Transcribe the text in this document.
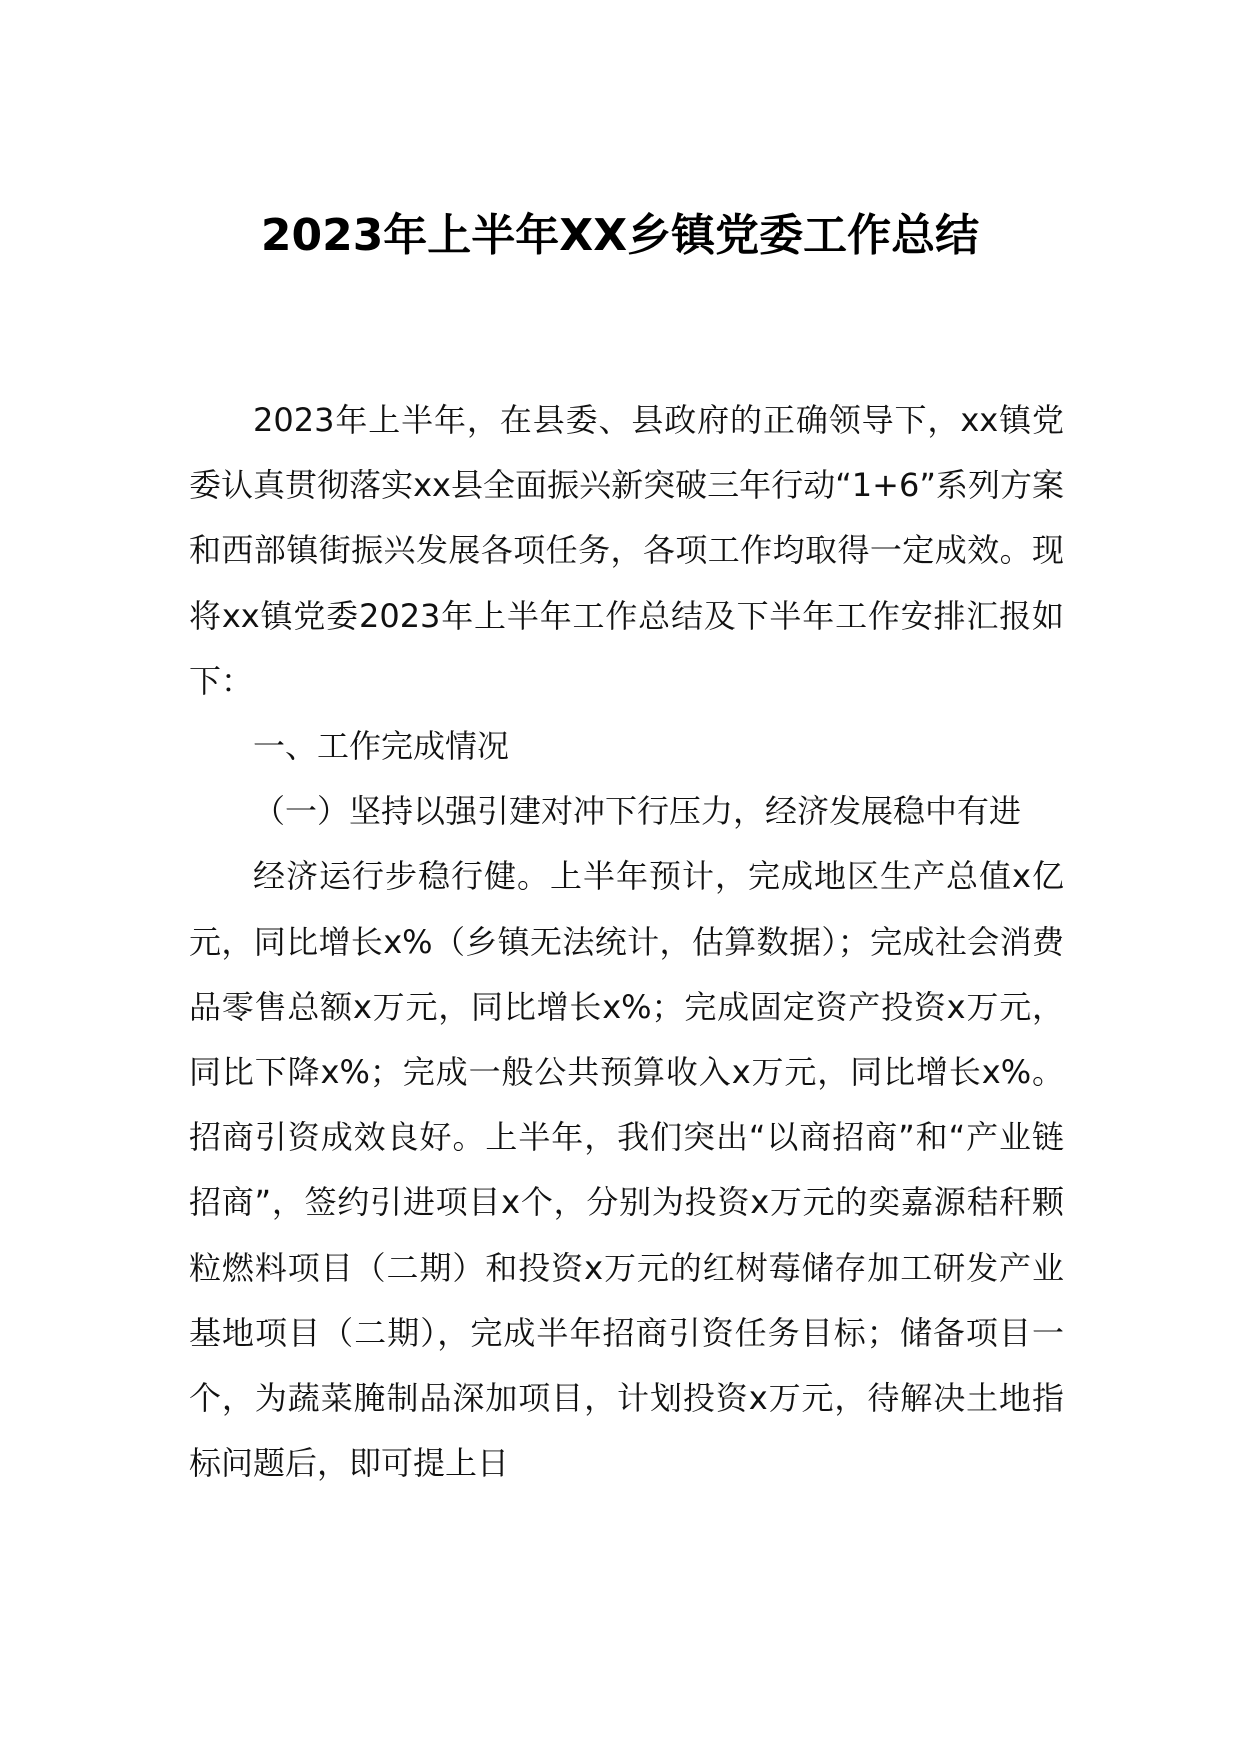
2023年上半年XX乡镇党委工作总结

2023年上半年，在县委、县政府的正确领导下，xx镇党委认真贯彻落实xx县全面振兴新突破三年行动“1+6”系列方案和西部镇街振兴发展各项任务，各项工作均取得一定成效。现将xx镇党委2023年上半年工作总结及下半年工作安排汇报如下：

一、工作完成情况

（一）坚持以强引建对冲下行压力，经济发展稳中有进

经济运行步稳行健。上半年预计，完成地区生产总值x亿元，同比增长x%（乡镇无法统计，估算数据）；完成社会消费品零售总额x万元，同比增长x%；完成固定资产投资x万元，同比下降x%；完成一般公共预算收入x万元，同比增长x%。招商引资成效良好。上半年，我们突出“以商招商”和“产业链招商”，签约引进项目x个，分别为投资x万元的奕嘉源秸秆颗粒燃料项目（二期）和投资x万元的红树莓储存加工研发产业基地项目（二期），完成半年招商引资任务目标；储备项目一个，为蔬菜腌制品深加项目，计划投资x万元，待解决土地指标问题后，即可提上日
